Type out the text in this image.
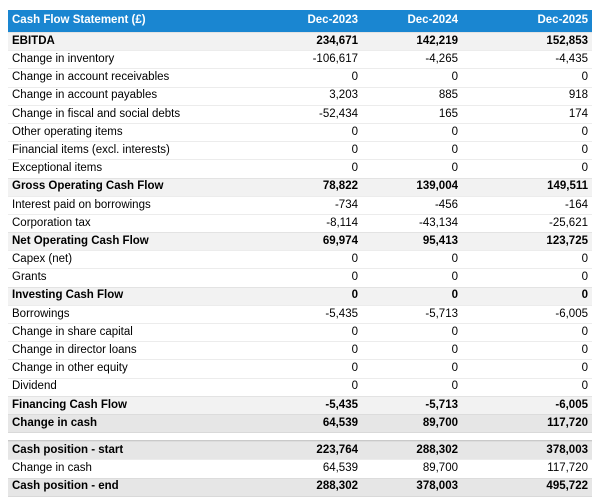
Cash Flow Statement (£)	Dec-2023	Dec-2024	Dec-2025
EBITDA	234,671	142,219	152,853
Change in inventory	-106,617	-4,265	-4,435
Change in account receivables	0	0	0
Change in account payables	3,203	885	918
Change in fiscal and social debts	-52,434	165	174
Other operating items	0	0	0
Financial items (excl. interests)	0	0	0
Exceptional items	0	0	0
Gross Operating Cash Flow	78,822	139,004	149,511
Interest paid on borrowings	-734	-456	-164
Corporation tax	-8,114	-43,134	-25,621
Net Operating Cash Flow	69,974	95,413	123,725
Capex (net)	0	0	0
Grants	0	0	0
Investing Cash Flow	0	0	0
Borrowings	-5,435	-5,713	-6,005
Change in share capital	0	0	0
Change in director loans	0	0	0
Change in other equity	0	0	0
Dividend	0	0	0
Financing Cash Flow	-5,435	-5,713	-6,005
Change in cash	64,539	89,700	117,720
Cash position - start	223,764	288,302	378,003
Change in cash	64,539	89,700	117,720
Cash position - end	288,302	378,003	495,722
